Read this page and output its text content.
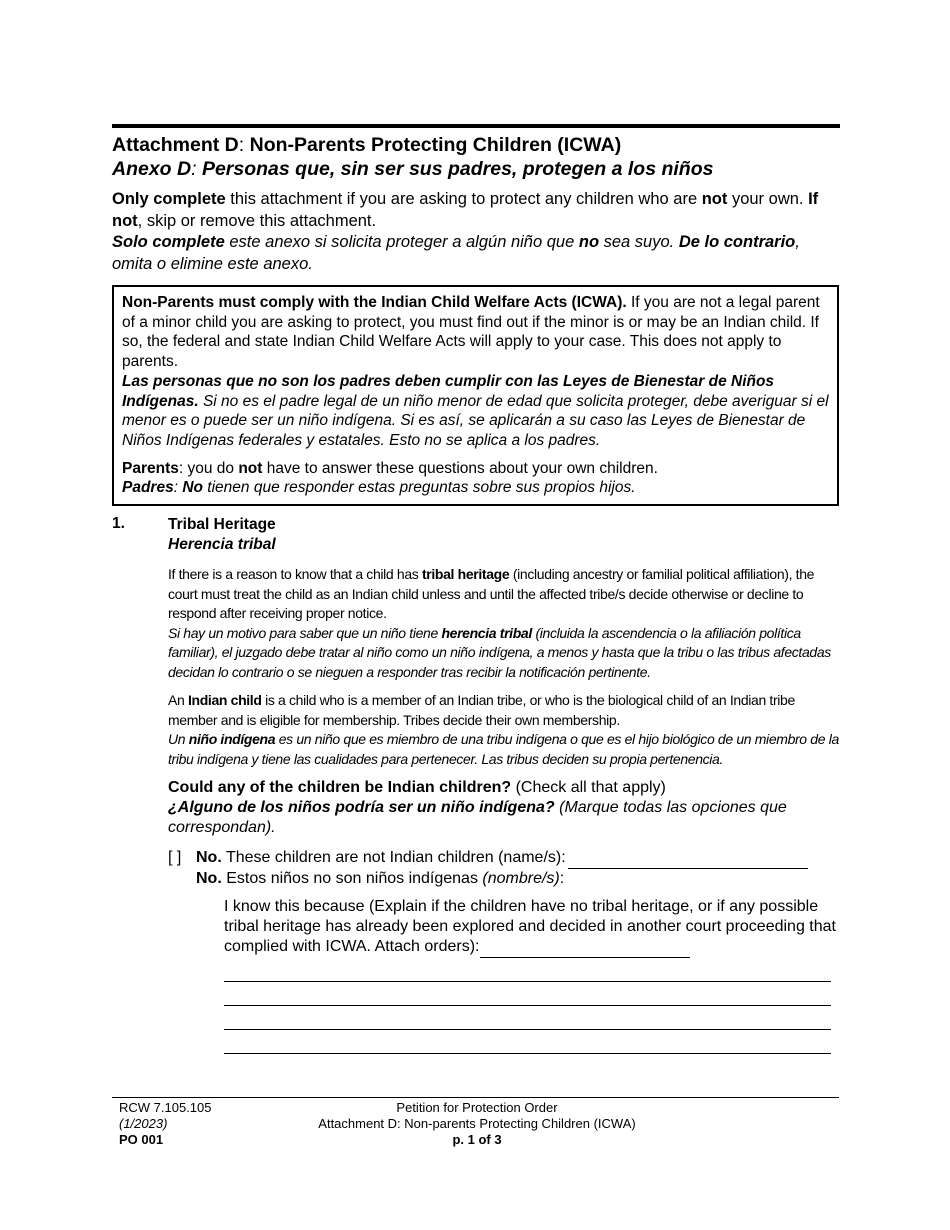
Attachment D: Non-Parents Protecting Children (ICWA)
Anexo D: Personas que, sin ser sus padres, protegen a los niños
Only complete this attachment if you are asking to protect any children who are not your own. If not, skip or remove this attachment.
Solo complete este anexo si solicita proteger a algún niño que no sea suyo. De lo contrario, omita o elimine este anexo.

Non-Parents must comply with the Indian Child Welfare Acts (ICWA). If you are not a legal parent of a minor child you are asking to protect, you must find out if the minor is or may be an Indian child. If so, the federal and state Indian Child Welfare Acts will apply to your case. This does not apply to parents.

Las personas que no son los padres deben cumplir con las Leyes de Bienestar de Niños Indígenas. Si no es el padre legal de un niño menor de edad que solicita proteger, debe averiguar si el menor es o puede ser un niño indígena. Si es así, se aplicarán a su caso las Leyes de Bienestar de Niños Indígenas federales y estatales. Esto no se aplica a los padres.

Parents: you do not have to answer these questions about your own children.

Padres: No tienen que responder estas preguntas sobre sus propios hijos.

1.	Tribal Heritage
Herencia tribal
If there is a reason to know that a child has tribal heritage (including ancestry or familial political affiliation), the court must treat the child as an Indian child unless and until the affected tribe/s decide otherwise or decline to respond after receiving proper notice.
Si hay un motivo para saber que un niño tiene herencia tribal (incluida la ascendencia o la afiliación política familiar), el juzgado debe tratar al niño como un niño indígena, a menos y hasta que la tribu o las tribus afectadas decidan lo contrario o se nieguen a responder tras recibir la notificación pertinente.
An Indian child is a child who is a member of an Indian tribe, or who is the biological child of an Indian tribe member and is eligible for membership. Tribes decide their own membership.
Un niño indígena es un niño que es miembro de una tribu indígena o que es el hijo biológico de un miembro de la tribu indígena y tiene las cualidades para pertenecer. Las tribus deciden su propia pertenencia.
Could any of the children be Indian children? (Check all that apply)
¿Alguno de los niños podría ser un niño indígena? (Marque todas las opciones que correspondan).
[ ] No. These children are not Indian children (name/s):
No. Estos niños no son niños indígenas (nombre/s):
I know this because (Explain if the children have no tribal heritage, or if any possible tribal heritage has already been explored and decided in another court proceeding that complied with ICWA. Attach orders):
RCW 7.105.105
(1/2023)
PO 001
Petition for Protection Order
Attachment D: Non-parents Protecting Children (ICWA)
p. 1 of 3
